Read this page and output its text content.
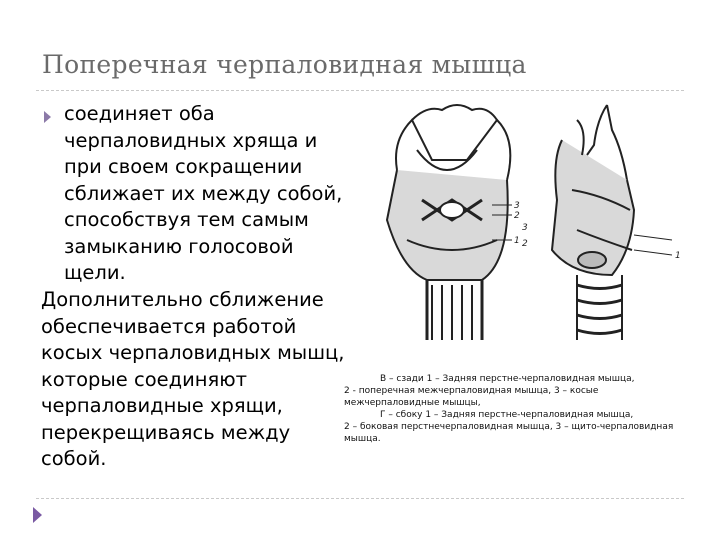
Поперечная черпаловидная мышца
соединяет оба
черпаловидных хряща и
при своем сокращении
сближает их между собой,
способствуя тем самым
замыканию голосовой
щели.
Дополнительно сближение
обеспечивается работой
косых черпаловидных мышц,
которые соединяют
черпаловидные хрящи,
перекрещиваясь между
собой.
3
2
1
3
2
1

В – сзади 1 – Задняя перстне-черпаловидная мышца,

2 - поперечная межчерпаловидная мышца, 3 – косые межчерпаловидные мышцы,

Г – сбоку 1 – Задняя перстне-черпаловидная мышца,

2 – боковая перстнечерпаловидная мышца, 3 – щито-черпаловидная мышца.
